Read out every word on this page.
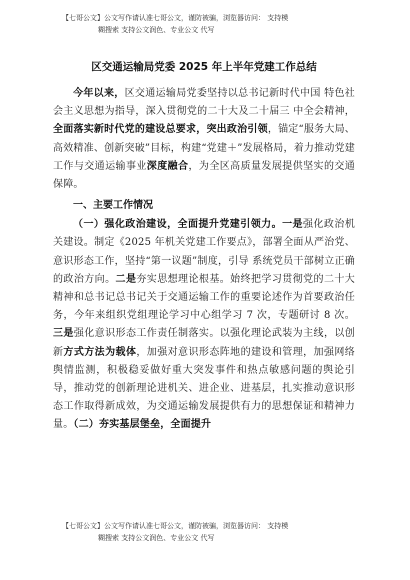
【七哥公文】公文写作请认准七哥公文，谨防被骗，浏览器访问： 支持模
糊搜索 支持公文润色、专业公文 代写
区交通运输局党委 2025 年上半年党建工作总结

今年以来，区交通运输局党委坚持以总书记新时代中国 特色社会主义思想为指导，深入贯彻党的二十大及二十届三 中全会精神，全面落实新时代党的建设总要求，突出政治引领，锚定“服务大局、高效精准、创新突破”目标，构建“党建＋”发展格局，着力推动党建工作与交通运输事业深度融合，为全区高质量发展提供坚实的交通保障。

一、主要工作情况

（一）强化政治建设，全面提升党建引领力。一是强化政治机关建设。制定《2025 年机关党建工作要点》，部署全面从严治党、意识形态工作，坚持“第一议题”制度，引导 系统党员干部树立正确的政治方向。二是夯实思想理论根基。始终把学习贯彻党的二十大精神和总书记总书记关于交通运输工作的重要论述作为首要政治任务，今年来组织党组理论学习中心组学习 7 次，专题研讨 8 次。三是强化意识形态工作责任制落实。以强化理论武装为主线，以创新方式方法为载体，加强对意识形态阵地的建设和管理，加强网络舆情监测，积极稳妥做好重大突发事件和热点敏感问题的舆论引导，推动党的创新理论进机关、进企业、进基层，扎实推动意识形态工作取得新成效，为交通运输发展提供有力的思想保证和精神力量。（二）夯实基层堡垒，全面提升

【七哥公文】公文写作请认准七哥公文，谨防被骗，浏览器访问： 支持模
糊搜索 支持公文润色、专业公文 代写
